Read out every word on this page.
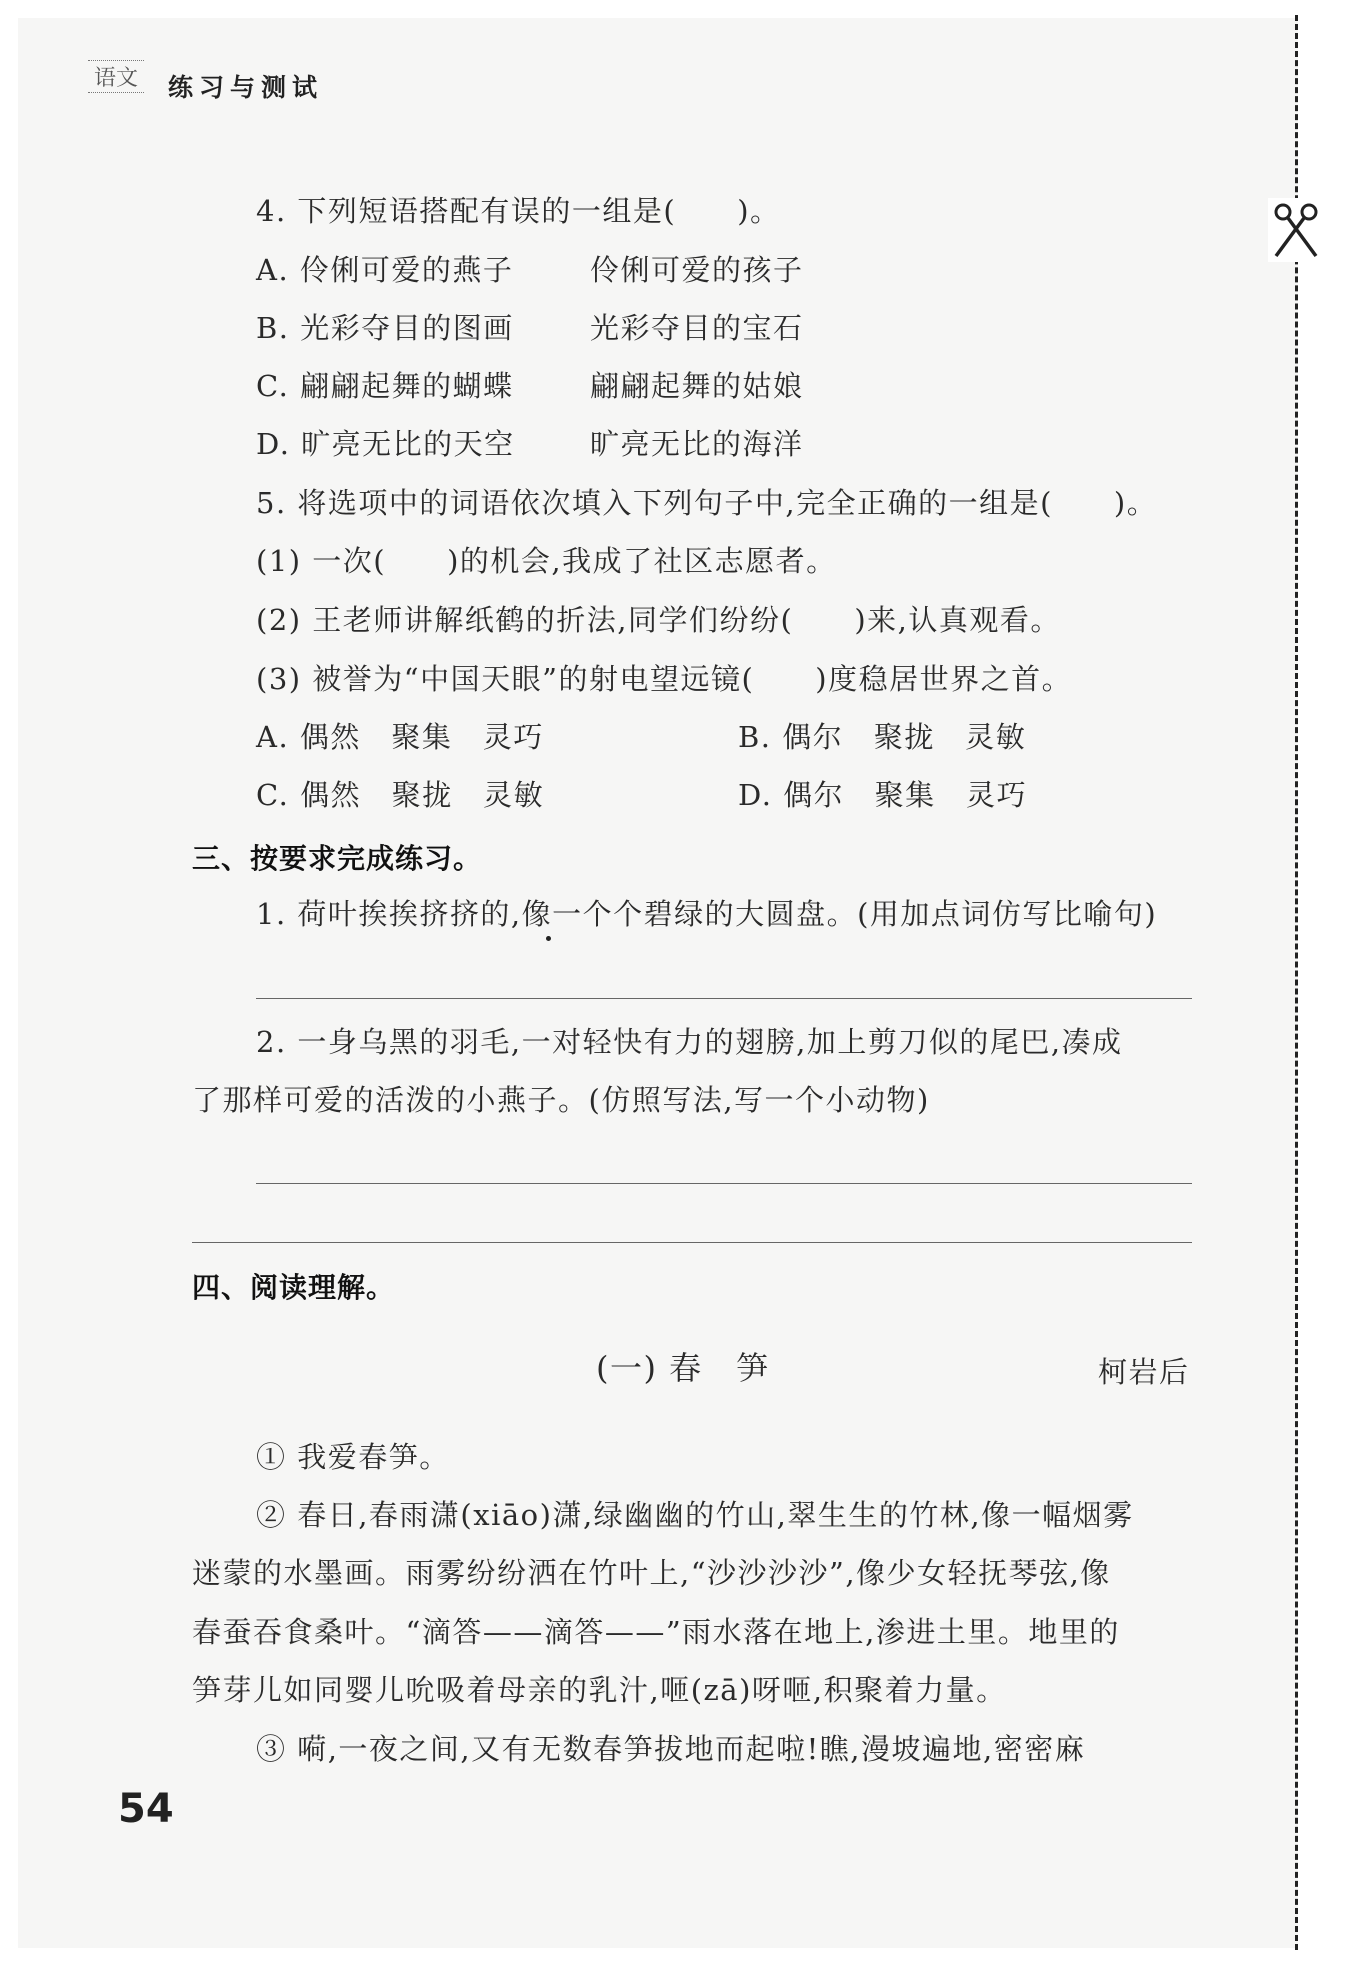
语文 练习与测试
4. 下列短语搭配有误的一组是(　　)。
A. 伶俐可爱的燕子	伶俐可爱的孩子
B. 光彩夺目的图画	光彩夺目的宝石
C. 翩翩起舞的蝴蝶	翩翩起舞的姑娘
D. 旷亮无比的天空	旷亮无比的海洋
5. 将选项中的词语依次填入下列句子中,完全正确的一组是(　　)。
(1) 一次(　　)的机会,我成了社区志愿者。
(2) 王老师讲解纸鹤的折法,同学们纷纷(　　)来,认真观看。
(3) 被誉为“中国天眼”的射电望远镜(　　)度稳居世界之首。
A. 偶然　聚集　灵巧	B. 偶尔　聚拢　灵敏
C. 偶然　聚拢　灵敏	D. 偶尔　聚集　灵巧
三、按要求完成练习。
1. 荷叶挨挨挤挤的,像一个个碧绿的大圆盘。(用加点词仿写比喻句)
2. 一身乌黑的羽毛,一对轻快有力的翅膀,加上剪刀似的尾巴,凑成
了那样可爱的活泼的小燕子。(仿照写法,写一个小动物)
四、阅读理解。
(一) 春　笋	柯岩后
① 我爱春笋。
② 春日,春雨潇(xiāo)潇,绿幽幽的竹山,翠生生的竹林,像一幅烟雾
迷蒙的水墨画。雨雾纷纷洒在竹叶上,“沙沙沙沙”,像少女轻抚琴弦,像
春蚕吞食桑叶。“滴答——滴答——”雨水落在地上,渗进土里。地里的
笋芽儿如同婴儿吮吸着母亲的乳汁,咂(zā)呀咂,积聚着力量。
③ 嗬,一夜之间,又有无数春笋拔地而起啦!瞧,漫坡遍地,密密麻
54
